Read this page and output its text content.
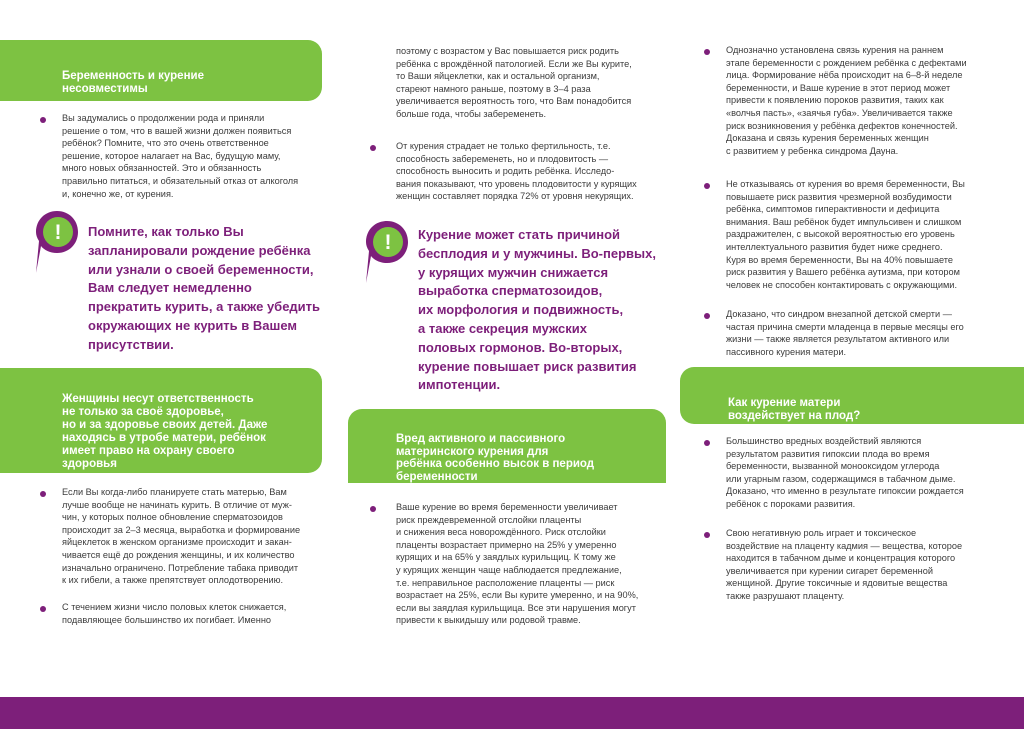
Беременность и курение
несовместимы

Вы задумались о продолжении рода и приняли
решение о том, что в вашей жизни должен появиться
ребёнок? Помните, что это очень ответственное
решение, которое налагает на Вас, будущую маму,
много новых обязанностей. Это и обязанность
правильно питаться, и обязательный отказ от алкоголя
и, конечно же, от курения.
! Помните, как только Вы
запланировали рождение ребёнка
или узнали о своей беременности,
Вам следует немедленно
прекратить курить, а также убедить
окружающих не курить в Вашем
присутствии.

Женщины несут ответственность
не только за своё здоровье,
но и за здоровье своих детей. Даже
находясь в утробе матери, ребёнок
имеет право на охрану своего
здоровья

Если Вы когда-либо планируете стать матерью, Вам
лучше вообще не начинать курить. В отличие от муж-
чин, у которых полное обновление сперматозоидов
происходит за 2–3 месяца, выработка и формирование
яйцеклеток в женском организме происходит и закан-
чивается ещё до рождения женщины, и их количество
изначально ограничено. Потребление табака приводит
к их гибели, а также препятствует оплодотворению.
С течением жизни число половых клеток снижается,
подавляющее большинство их погибает. Именно
поэтому с возрастом у Вас повышается риск родить
ребёнка с врождённой патологией. Если же Вы курите,
то Ваши яйцеклетки, как и остальной организм,
стареют намного раньше, поэтому в 3–4 раза
увеличивается вероятность того, что Вам понадобится
больше года, чтобы забеременеть.
От курения страдает не только фертильность, т.е.
способность забеременеть, но и плодовитость —
способность выносить и родить ребёнка. Исследо-
вания показывают, что уровень плодовитости у курящих
женщин составляет порядка 72% от уровня некурящих.
! Курение может стать причиной
бесплодия и у мужчины. Во-первых,
у курящих мужчин снижается
выработка сперматозоидов,
их морфология и подвижность,
а также секреция мужских
половых гормонов. Во-вторых,
курение повышает риск развития
импотенции.

Вред активного и пассивного
материнского курения для
ребёнка особенно высок в период
беременности

Ваше курение во время беременности увеличивает
риск преждевременной отслойки плаценты
и снижения веса новорождённого. Риск отслойки
плаценты возрастает примерно на 25% у умеренно
курящих и на 65% у заядлых курильщиц. К тому же
у курящих женщин чаще наблюдается предлежание,
т.е. неправильное расположение плаценты — риск
возрастает на 25%, если Вы курите умеренно, и на 90%,
если вы заядлая курильщица. Все эти нарушения могут
привести к выкидышу или родовой травме.
Однозначно установлена связь курения на раннем
этапе беременности с рождением ребёнка с дефектами
лица. Формирование нёба происходит на 6–8-й неделе
беременности, и Ваше курение в этот период может
привести к появлению пороков развития, таких как
«волчья пасть», «заячья губа». Увеличивается также
риск возникновения у ребёнка дефектов конечностей.
Доказана и связь курения беременных женщин
с развитием у ребенка синдрома Дауна.
Не отказываясь от курения во время беременности, Вы
повышаете риск развития чрезмерной возбудимости
ребёнка, симптомов гиперактивности и дефицита
внимания. Ваш ребёнок будет импульсивен и слишком
раздражителен, с высокой вероятностью его уровень
интеллектуального развития будет ниже среднего.
Куря во время беременности, Вы на 40% повышаете
риск развития у Вашего ребёнка аутизма, при котором
человек не способен контактировать с окружающими.
Доказано, что синдром внезапной детской смерти —
частая причина смерти младенца в первые месяцы его
жизни — также является результатом активного или
пассивного курения матери.

Как курение матери
воздействует на плод?

Большинство вредных воздействий являются
результатом развития гипоксии плода во время
беременности, вызванной монооксидом углерода
или угарным газом, содержащимся в табачном дыме.
Доказано, что именно в результате гипоксии рождается
ребёнок с пороками развития.
Свою негативную роль играет и токсическое
воздействие на плаценту кадмия — вещества, которое
находится в табачном дыме и концентрация которого
увеличивается при курении сигарет беременной
женщиной. Другие токсичные и ядовитые вещества
также разрушают плаценту.
